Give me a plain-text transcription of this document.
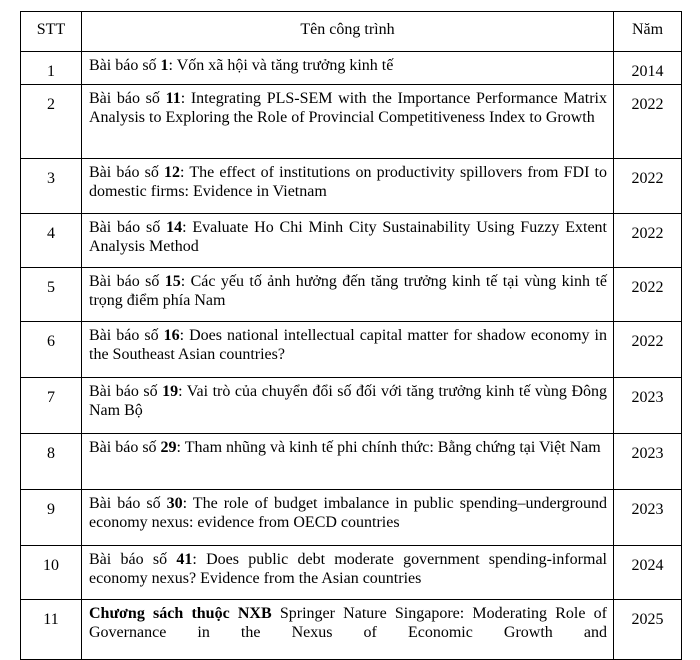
STT	Tên công trình	Năm
1	Bài báo số 1: Vốn xã hội và tăng trưởng kinh tế	2014
2	Bài báo số 11: Integrating PLS-SEM with the Importance Performance Matrix Analysis to Exploring the Role of Provincial Competitiveness Index to Growth	2022
3	Bài báo số 12: The effect of institutions on productivity spillovers from FDI to domestic firms: Evidence in Vietnam	2022
4	Bài báo số 14: Evaluate Ho Chi Minh City Sustainability Using Fuzzy Extent Analysis Method	2022
5	Bài báo số 15: Các yếu tố ảnh hưởng đến tăng trưởng kinh tế tại vùng kinh tế trọng điểm phía Nam	2022
6	Bài báo số 16: Does national intellectual capital matter for shadow economy in the Southeast Asian countries?	2022
7	Bài báo số 19: Vai trò của chuyển đổi số đối với tăng trưởng kinh tế vùng Đông Nam Bộ	2023
8	Bài báo số 29: Tham nhũng và kinh tế phi chính thức: Bằng chứng tại Việt Nam	2023
9	Bài báo số 30: The role of budget imbalance in public spending–underground economy nexus: evidence from OECD countries	2023
10	Bài báo số 41: Does public debt moderate government spending-informal economy nexus? Evidence from the Asian countries	2024
11	Chương sách thuộc NXB Springer Nature Singapore: Moderating Role of Governance in the Nexus of Economic Growth and	2025
